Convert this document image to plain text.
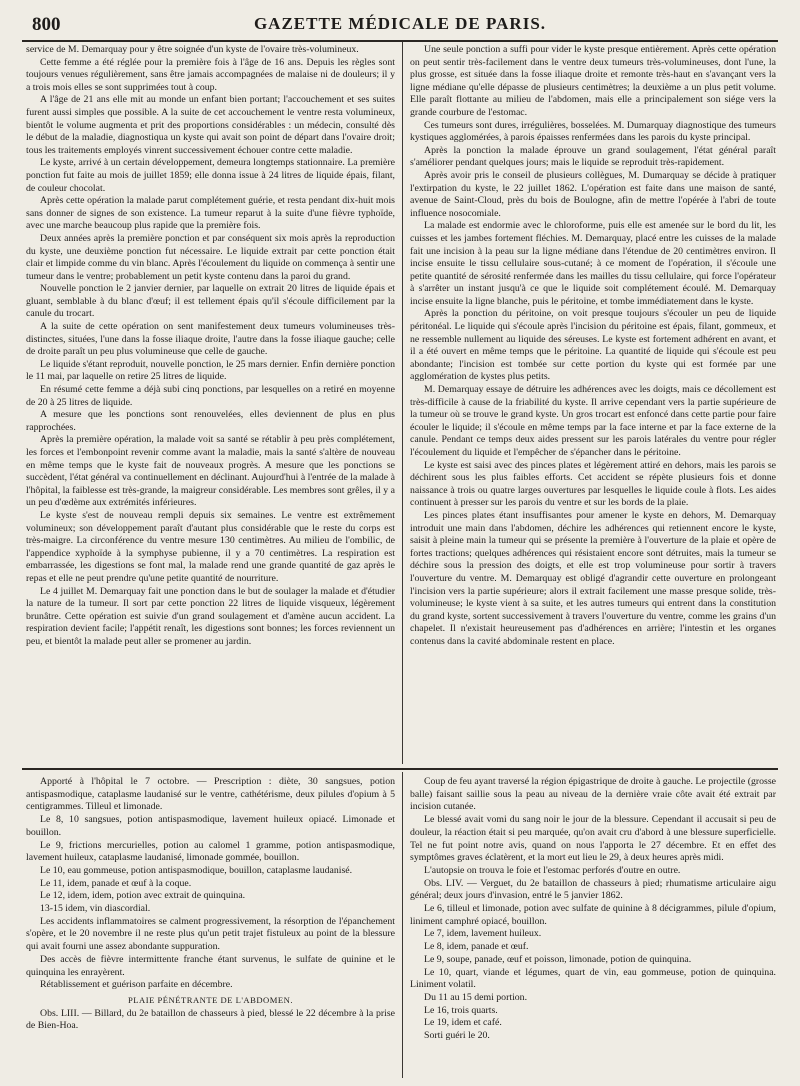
800	GAZETTE MÉDICALE DE PARIS.

service de M. Demarquay pour y être soignée d'un kyste de l'ovaire très-volumineux.

Cette femme a été réglée pour la première fois à l'âge de 16 ans. Depuis les règles sont toujours venues régulièrement, sans être jamais accompagnées de malaise ni de douleurs; il y a trois mois elles se sont supprimées tout à coup.

A l'âge de 21 ans elle mit au monde un enfant bien portant; l'accouchement et ses suites furent aussi simples que possible. A la suite de cet accouchement le ventre resta volumineux, bientôt le volume augmenta et prit des proportions considérables : un médecin, consulté dès le début de la maladie, diagnostiqua un kyste qui avait son point de départ dans l'ovaire droit; tous les traitements employés vinrent successivement échouer contre cette maladie.

Le kyste, arrivé à un certain développement, demeura longtemps stationnaire. La première ponction fut faite au mois de juillet 1859; elle donna issue à 24 litres de liquide épais, filant, de couleur chocolat.

Après cette opération la malade parut complétement guérie, et resta pendant dix-huit mois sans donner de signes de son existence. La tumeur reparut à la suite d'une fièvre typhoïde, avec une marche beaucoup plus rapide que la première fois.

Deux années après la première ponction et par conséquent six mois après la reproduction du kyste, une deuxième ponction fut nécessaire. Le liquide extrait par cette ponction était clair et limpide comme du vin blanc. Après l'écoulement du liquide on commença à sentir une tumeur dans le ventre; probablement un petit kyste contenu dans la paroi du grand.

Nouvelle ponction le 2 janvier dernier, par laquelle on extrait 20 litres de liquide épais et gluant, semblable à du blanc d'œuf; il est tellement épais qu'il s'écoule difficilement par la canule du trocart.

A la suite de cette opération on sent manifestement deux tumeurs volumineuses très-distinctes, situées, l'une dans la fosse iliaque droite, l'autre dans la fosse iliaque gauche; celle de droite paraît un peu plus volumineuse que celle de gauche.

Le liquide s'étant reproduit, nouvelle ponction, le 25 mars dernier. Enfin dernière ponction le 11 mai, par laquelle on retire 25 litres de liquide.

En résumé cette femme a déjà subi cinq ponctions, par lesquelles on a retiré en moyenne de 20 à 25 litres de liquide.

A mesure que les ponctions sont renouvelées, elles deviennent de plus en plus rapprochées.

Après la première opération, la malade voit sa santé se rétablir à peu près complétement, les forces et l'embonpoint revenir comme avant la maladie, mais la santé s'altère de nouveau en même temps que le kyste fait de nouveaux progrès. A mesure que les ponctions se succèdent, l'état général va continuellement en déclinant. Aujourd'hui à l'entrée de la malade à l'hôpital, la faiblesse est très-grande, la maigreur considérable. Les membres sont grêles, il y a un peu d'œdème aux extrémités inférieures.

Le kyste s'est de nouveau rempli depuis six semaines. Le ventre est extrêmement volumineux; son développement paraît d'autant plus considérable que le reste du corps est très-maigre. La circonférence du ventre mesure 130 centimètres. Au milieu de l'ombilic, de l'appendice xyphoïde à la symphyse pubienne, il y a 70 centimètres. La respiration est embarrassée, les digestions se font mal, la malade rend une grande quantité de gaz après le repas et elle ne peut prendre qu'une petite quantité de nourriture.

Le 4 juillet M. Demarquay fait une ponction dans le but de soulager la malade et d'étudier la nature de la tumeur. Il sort par cette ponction 22 litres de liquide visqueux, légèrement brunâtre. Cette opération est suivie d'un grand soulagement et d'amène aucun accident. La respiration devient facile; l'appétit renaît, les digestions sont bonnes; les forces reviennent un peu, et bientôt la malade peut aller se promener au jardin.

Une seule ponction a suffi pour vider le kyste presque entièrement. Après cette opération on peut sentir très-facilement dans le ventre deux tumeurs très-volumineuses, dont l'une, la plus grosse, est située dans la fosse iliaque droite et remonte très-haut en s'avançant vers la ligne médiane qu'elle dépasse de plusieurs centimètres; la deuxième a un plus petit volume. Elle paraît flottante au milieu de l'abdomen, mais elle a principalement son siége vers la grande courbure de l'estomac.

Ces tumeurs sont dures, irrégulières, bosselées. M. Dumarquay diagnostique des tumeurs kystiques agglomérées, à parois épaisses renfermées dans les parois du kyste principal.

Après la ponction la malade éprouve un grand soulagement, l'état général paraît s'améliorer pendant quelques jours; mais le liquide se reproduit très-rapidement.

Après avoir pris le conseil de plusieurs collègues, M. Dumarquay se décide à pratiquer l'extirpation du kyste, le 22 juillet 1862. L'opération est faite dans une maison de santé, avenue de Saint-Cloud, près du bois de Boulogne, afin de mettre l'opérée à l'abri de toute influence nosocomiale.

La malade est endormie avec le chloroforme, puis elle est amenée sur le bord du lit, les cuisses et les jambes fortement fléchies. M. Demarquay, placé entre les cuisses de la malade fait une incision à la peau sur la ligne médiane dans l'étendue de 20 centimètres environ. Il incise ensuite le tissu cellulaire sous-cutané; à ce moment de l'opération, il s'écoule une petite quantité de sérosité renfermée dans les mailles du tissu cellulaire, qui force l'opérateur à s'arrêter un instant jusqu'à ce que le liquide soit complétement écoulé. M. Demarquay incise ensuite la ligne blanche, puis le péritoine, et tombe immédiatement dans le kyste.

Après la ponction du péritoine, on voit presque toujours s'écouler un peu de liquide péritonéal. Le liquide qui s'écoule après l'incision du péritoine est épais, filant, gommeux, et ne ressemble nullement au liquide des séreuses. Le kyste est fortement adhérent en avant, et il a été ouvert en même temps que le péritoine. La quantité de liquide qui s'écoule est peu abondante; l'incision est tombée sur cette portion du kyste qui est formée par une agglomération de kystes plus petits.

M. Demarquay essaye de détruire les adhérences avec les doigts, mais ce décollement est très-difficile à cause de la friabilité du kyste. Il arrive cependant vers la partie supérieure de la tumeur où se trouve le grand kyste. Un gros trocart est enfoncé dans cette partie pour faire écouler le liquide; il s'écoule en même temps par la face interne et par la face externe de la canule. Pendant ce temps deux aides pressent sur les parois latérales du ventre pour régler l'écoulement du liquide et l'empêcher de s'épancher dans le péritoine.

Le kyste est saisi avec des pinces plates et légèrement attiré en dehors, mais les parois se déchirent sous les plus faibles efforts. Cet accident se répète plusieurs fois et donne naissance à trois ou quatre larges ouvertures par lesquelles le liquide coule à flots. Les aides continuent à presser sur les parois du ventre et sur les bords de la plaie.

Les pinces plates étant insuffisantes pour amener le kyste en dehors, M. Demarquay introduit une main dans l'abdomen, déchire les adhérences qui retiennent encore le kyste, saisit à pleine main la tumeur qui se présente la première à l'ouverture de la plaie et opère de fortes tractions; quelques adhérences qui résistaient encore sont détruites, mais la tumeur se déchire sous la pression des doigts, et elle est trop volumineuse pour sortir à travers l'ouverture du ventre. M. Demarquay est obligé d'agrandir cette ouverture en prolongeant l'incision vers la partie supérieure; alors il extrait facilement une masse presque solide, très-volumineuse; le kyste vient à sa suite, et les autres tumeurs qui entrent dans la constitution du grand kyste, sortent successivement à travers l'ouverture du ventre, comme les grains d'un chapelet. Il n'existait heureusement pas d'adhérences en arrière; l'intestin et les organes contenus dans la cavité abdominale restent en place.

Apporté à l'hôpital le 7 octobre. — Prescription : diète, 30 sangsues, potion antispasmodique, cataplasme laudanisé sur le ventre, cathétérisme, deux pilules d'opium à 5 centigrammes. Tilleul et limonade.

Le 8, 10 sangsues, potion antispasmodique, lavement huileux opiacé. Limonade et bouillon.

Le 9, frictions mercurielles, potion au calomel 1 gramme, potion antispasmodique, lavement huileux, cataplasme laudanisé, limonade gommée, bouillon.

Le 10, eau gommeuse, potion antispasmodique, bouillon, cataplasme laudanisé.

Le 11, idem, panade et œuf à la coque.

Le 12, idem, idem, potion avec extrait de quinquina.

13-15 idem, vin diascordial.

Les accidents inflammatoires se calment progressivement, la résorption de l'épanchement s'opère, et le 20 novembre il ne reste plus qu'un petit trajet fistuleux au point de la blessure qui avait fourni une assez abondante suppuration.

Des accès de fièvre intermittente franche étant survenus, le sulfate de quinine et le quinquina les enrayèrent.

Rétablissement et guérison parfaite en décembre.

PLAIE PÉNÉTRANTE DE L'ABDOMEN.

Obs. LIII. — Billard, du 2e bataillon de chasseurs à pied, blessé le 22 décembre à la prise de Bien-Hoa.

Coup de feu ayant traversé la région épigastrique de droite à gauche. Le projectile (grosse balle) faisant saillie sous la peau au niveau de la dernière vraie côte avait été extrait par incision cutanée.

Le blessé avait vomi du sang noir le jour de la blessure. Cependant il accusait si peu de douleur, la réaction était si peu marquée, qu'on avait cru d'abord à une blessure superficielle. Tel ne fut point notre avis, quand on nous l'apporta le 27 décembre. Et en effet des symptômes graves éclatèrent, et la mort eut lieu le 29, à deux heures après midi.

L'autopsie on trouva le foie et l'estomac perforés d'outre en outre.

Obs. LIV. — Verguet, du 2e bataillon de chasseurs à pied; rhumatisme articulaire aigu général; deux jours d'invasion, entré le 5 janvier 1862.

Le 6, tilleul et limonade, potion avec sulfate de quinine à 8 décigrammes, pilule d'opium, liniment camphré opiacé, bouillon.

Le 7, idem, lavement huileux.

Le 8, idem, panade et œuf.

Le 9, soupe, panade, œuf et poisson, limonade, potion de quinquina.

Le 10, quart, viande et légumes, quart de vin, eau gommeuse, potion de quinquina. Liniment volatil.

Du 11 au 15 demi portion.

Le 16, trois quarts.

Le 19, idem et café.

Sorti guéri le 20.
